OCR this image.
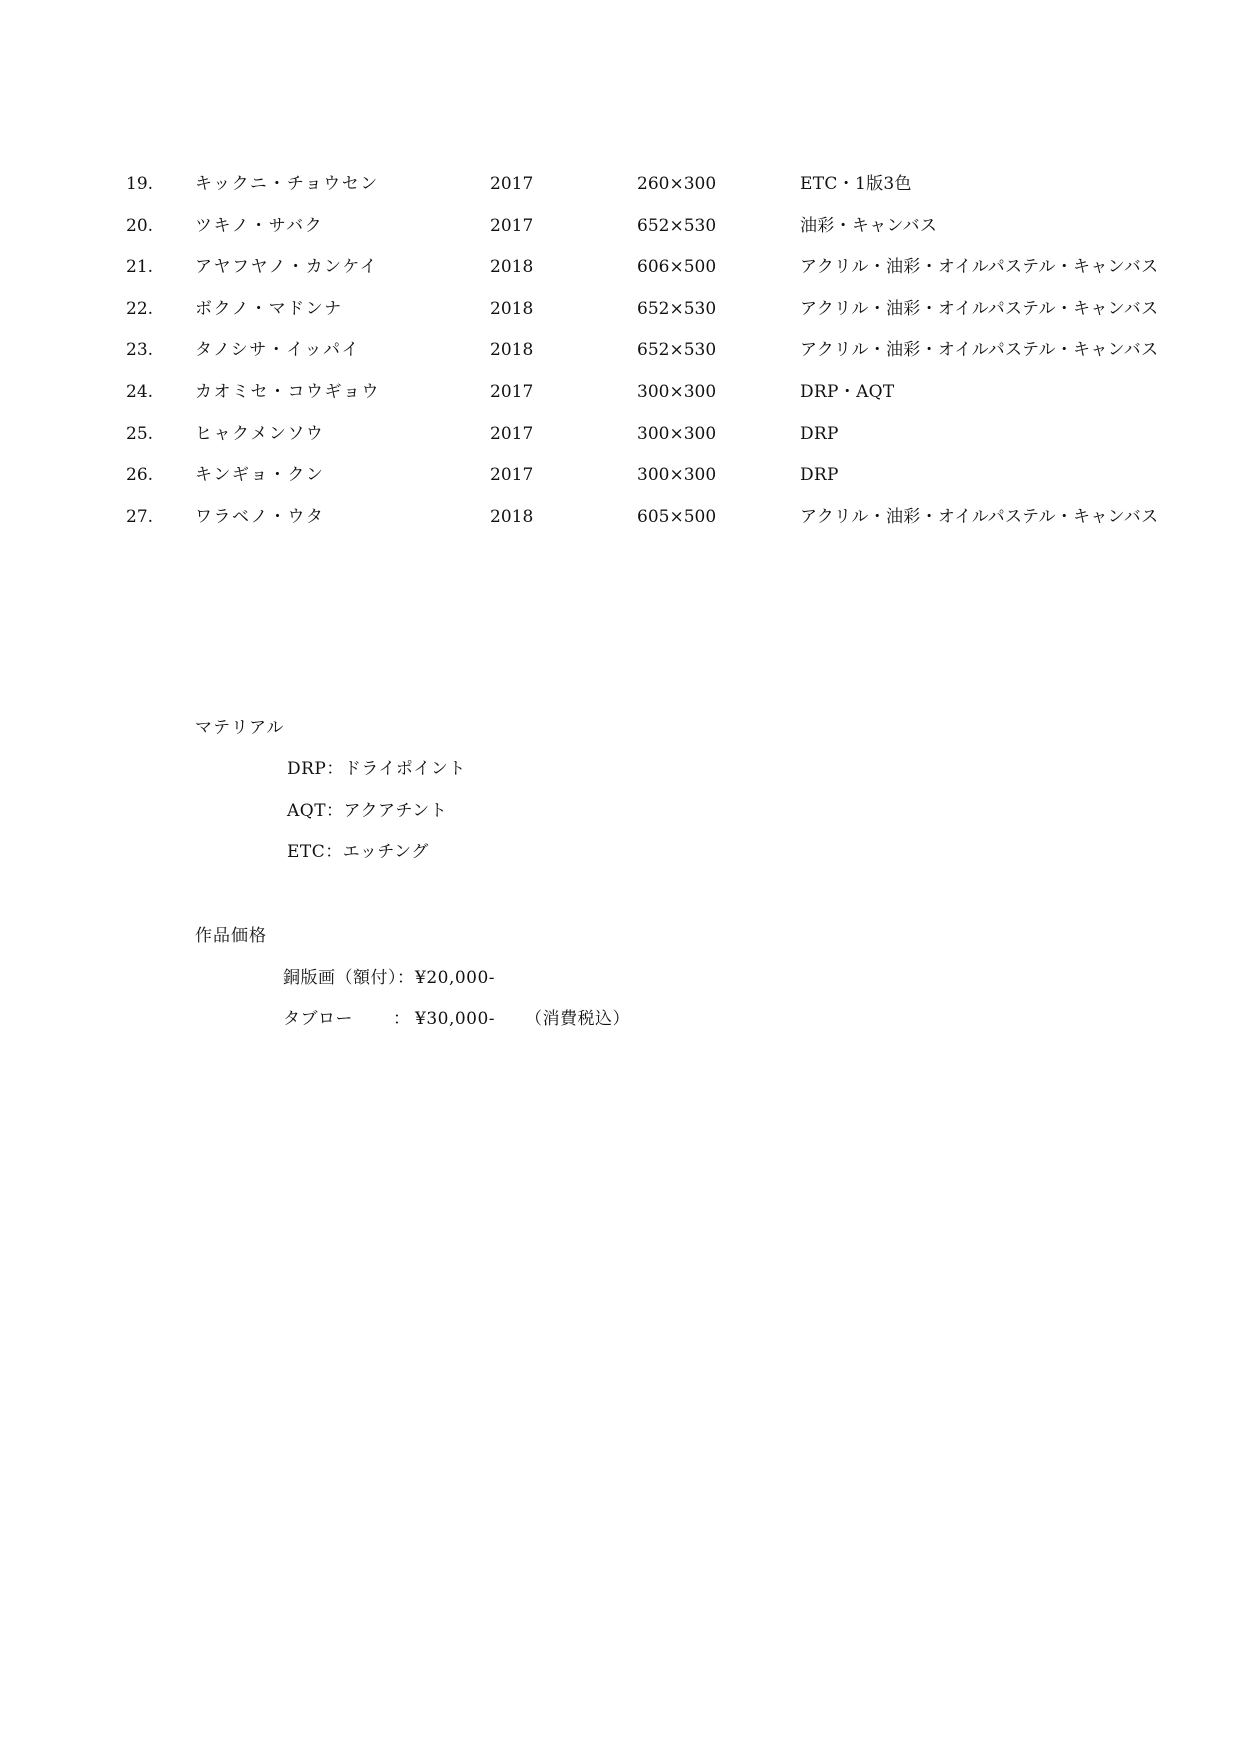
19. キックニ・チョウセン	2017	260×300	ETC・1版3色
20. ツキノ・サバク	2017	652×530	油彩・キャンバス
21. アヤフヤノ・カンケイ	2018	606×500	アクリル・油彩・オイルパステル・キャンバス
22. ボクノ・マドンナ	2018	652×530	アクリル・油彩・オイルパステル・キャンバス
23. タノシサ・イッパイ	2018	652×530	アクリル・油彩・オイルパステル・キャンバス
24. カオミセ・コウギョウ	2017	300×300	DRP・AQT
25. ヒャクメンソウ	2017	300×300	DRP
26. キンギョ・クン	2017	300×300	DRP
27. ワラベノ・ウタ	2018	605×500	アクリル・油彩・オイルパステル・キャンバス
マテリアル
DRP：ドライポイント
AQT：アクアチント
ETC：エッチング
作品価格
銅版画（額付）： ¥20,000-
タブロー ： ¥30,000- （消費税込）
